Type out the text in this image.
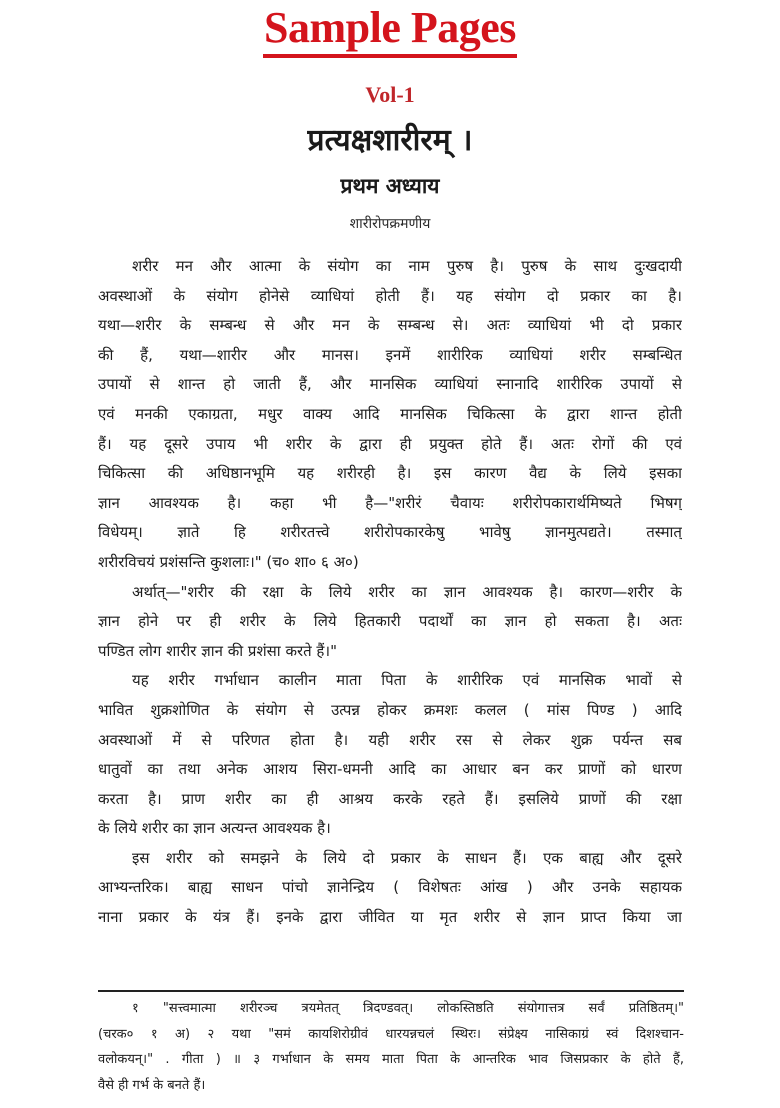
Sample Pages
Vol-1
प्रत्यक्षशारीरम् ।
प्रथम अध्याय
शारीरोपक्रमणीय
शरीर मन और आत्मा के संयोग का नाम पुरुष है। पुरुष के साथ दुःखदायी
अवस्थाओं के संयोग होनेसे व्याधियां होती हैं। यह संयोग दो प्रकार का है।
यथा—शरीर के सम्बन्ध से और मन के सम्बन्ध से। अतः व्याधियां भी दो प्रकार
की हैं, यथा—शारीर और मानस। इनमें शारीरिक व्याधियां शरीर सम्बन्धित
उपायों से शान्त हो जाती हैं, और मानसिक व्याधियां स्नानादि शारीरिक उपायों से
एवं मनकी एकाग्रता, मधुर वाक्य आदि मानसिक चिकित्सा के द्वारा शान्त होती
हैं। यह दूसरे उपाय भी शरीर के द्वारा ही प्रयुक्त होते हैं। अतः रोगों की एवं
चिकित्सा की अधिष्ठानभूमि यह शरीरही है। इस कारण वैद्य के लिये इसका
ज्ञान आवश्यक है। कहा भी है—"शरीरं चैवायः शरीरोपकारार्थमिष्यते भिषग्
विधेयम्। ज्ञाते हि शरीरतत्त्वे शरीरोपकारकेषु भावेषु ज्ञानमुत्पद्यते। तस्मात्
शरीरविचयं प्रशंसन्ति कुशलाः।" (च० शा० ६ अ०)
अर्थात्—"शरीर की रक्षा के लिये शरीर का ज्ञान आवश्यक है। कारण—शरीर के
ज्ञान होने पर ही शरीर के लिये हितकारी पदार्थों का ज्ञान हो सकता है। अतः
पण्डित लोग शारीर ज्ञान की प्रशंसा करते हैं।"
यह शरीर गर्भाधान कालीन माता पिता के शारीरिक एवं मानसिक भावों से
भावित शुक्रशोणित के संयोग से उत्पन्न होकर क्रमशः कलल ( मांस पिण्ड ) आदि
अवस्थाओं में से परिणत होता है। यही शरीर रस से लेकर शुक्र पर्यन्त सब
धातुवों का तथा अनेक आशय सिरा-धमनी आदि का आधार बन कर प्राणों को धारण
करता है। प्राण शरीर का ही आश्रय करके रहते हैं। इसलिये प्राणों की रक्षा
के लिये शरीर का ज्ञान अत्यन्त आवश्यक है।
इस शरीर को समझने के लिये दो प्रकार के साधन हैं। एक बाह्य और दूसरे
आभ्यन्तरिक। बाह्य साधन पांचो ज्ञानेन्द्रिय ( विशेषतः आंख ) और उनके सहायक
नाना प्रकार के यंत्र हैं। इनके द्वारा जीवित या मृत शरीर से ज्ञान प्राप्त किया जा
१ "सत्त्वमात्मा शरीरञ्च त्रयमेतत् त्रिदण्डवत्। लोकस्तिष्ठति संयोगात्तत्र सर्वं प्रतिष्ठितम्।"
(चरक० १ अ) २ यथा "समं कायशिरोग्रीवं धारयन्नचलं स्थिरः। संप्रेक्ष्य नासिकाग्रं स्वं दिशश्चान-
वलोकयन्।" . गीता ) ॥ ३ गर्भाधान के समय माता पिता के आन्तरिक भाव जिसप्रकार के होते हैं,
वैसे ही गर्भ के बनते हैं।
